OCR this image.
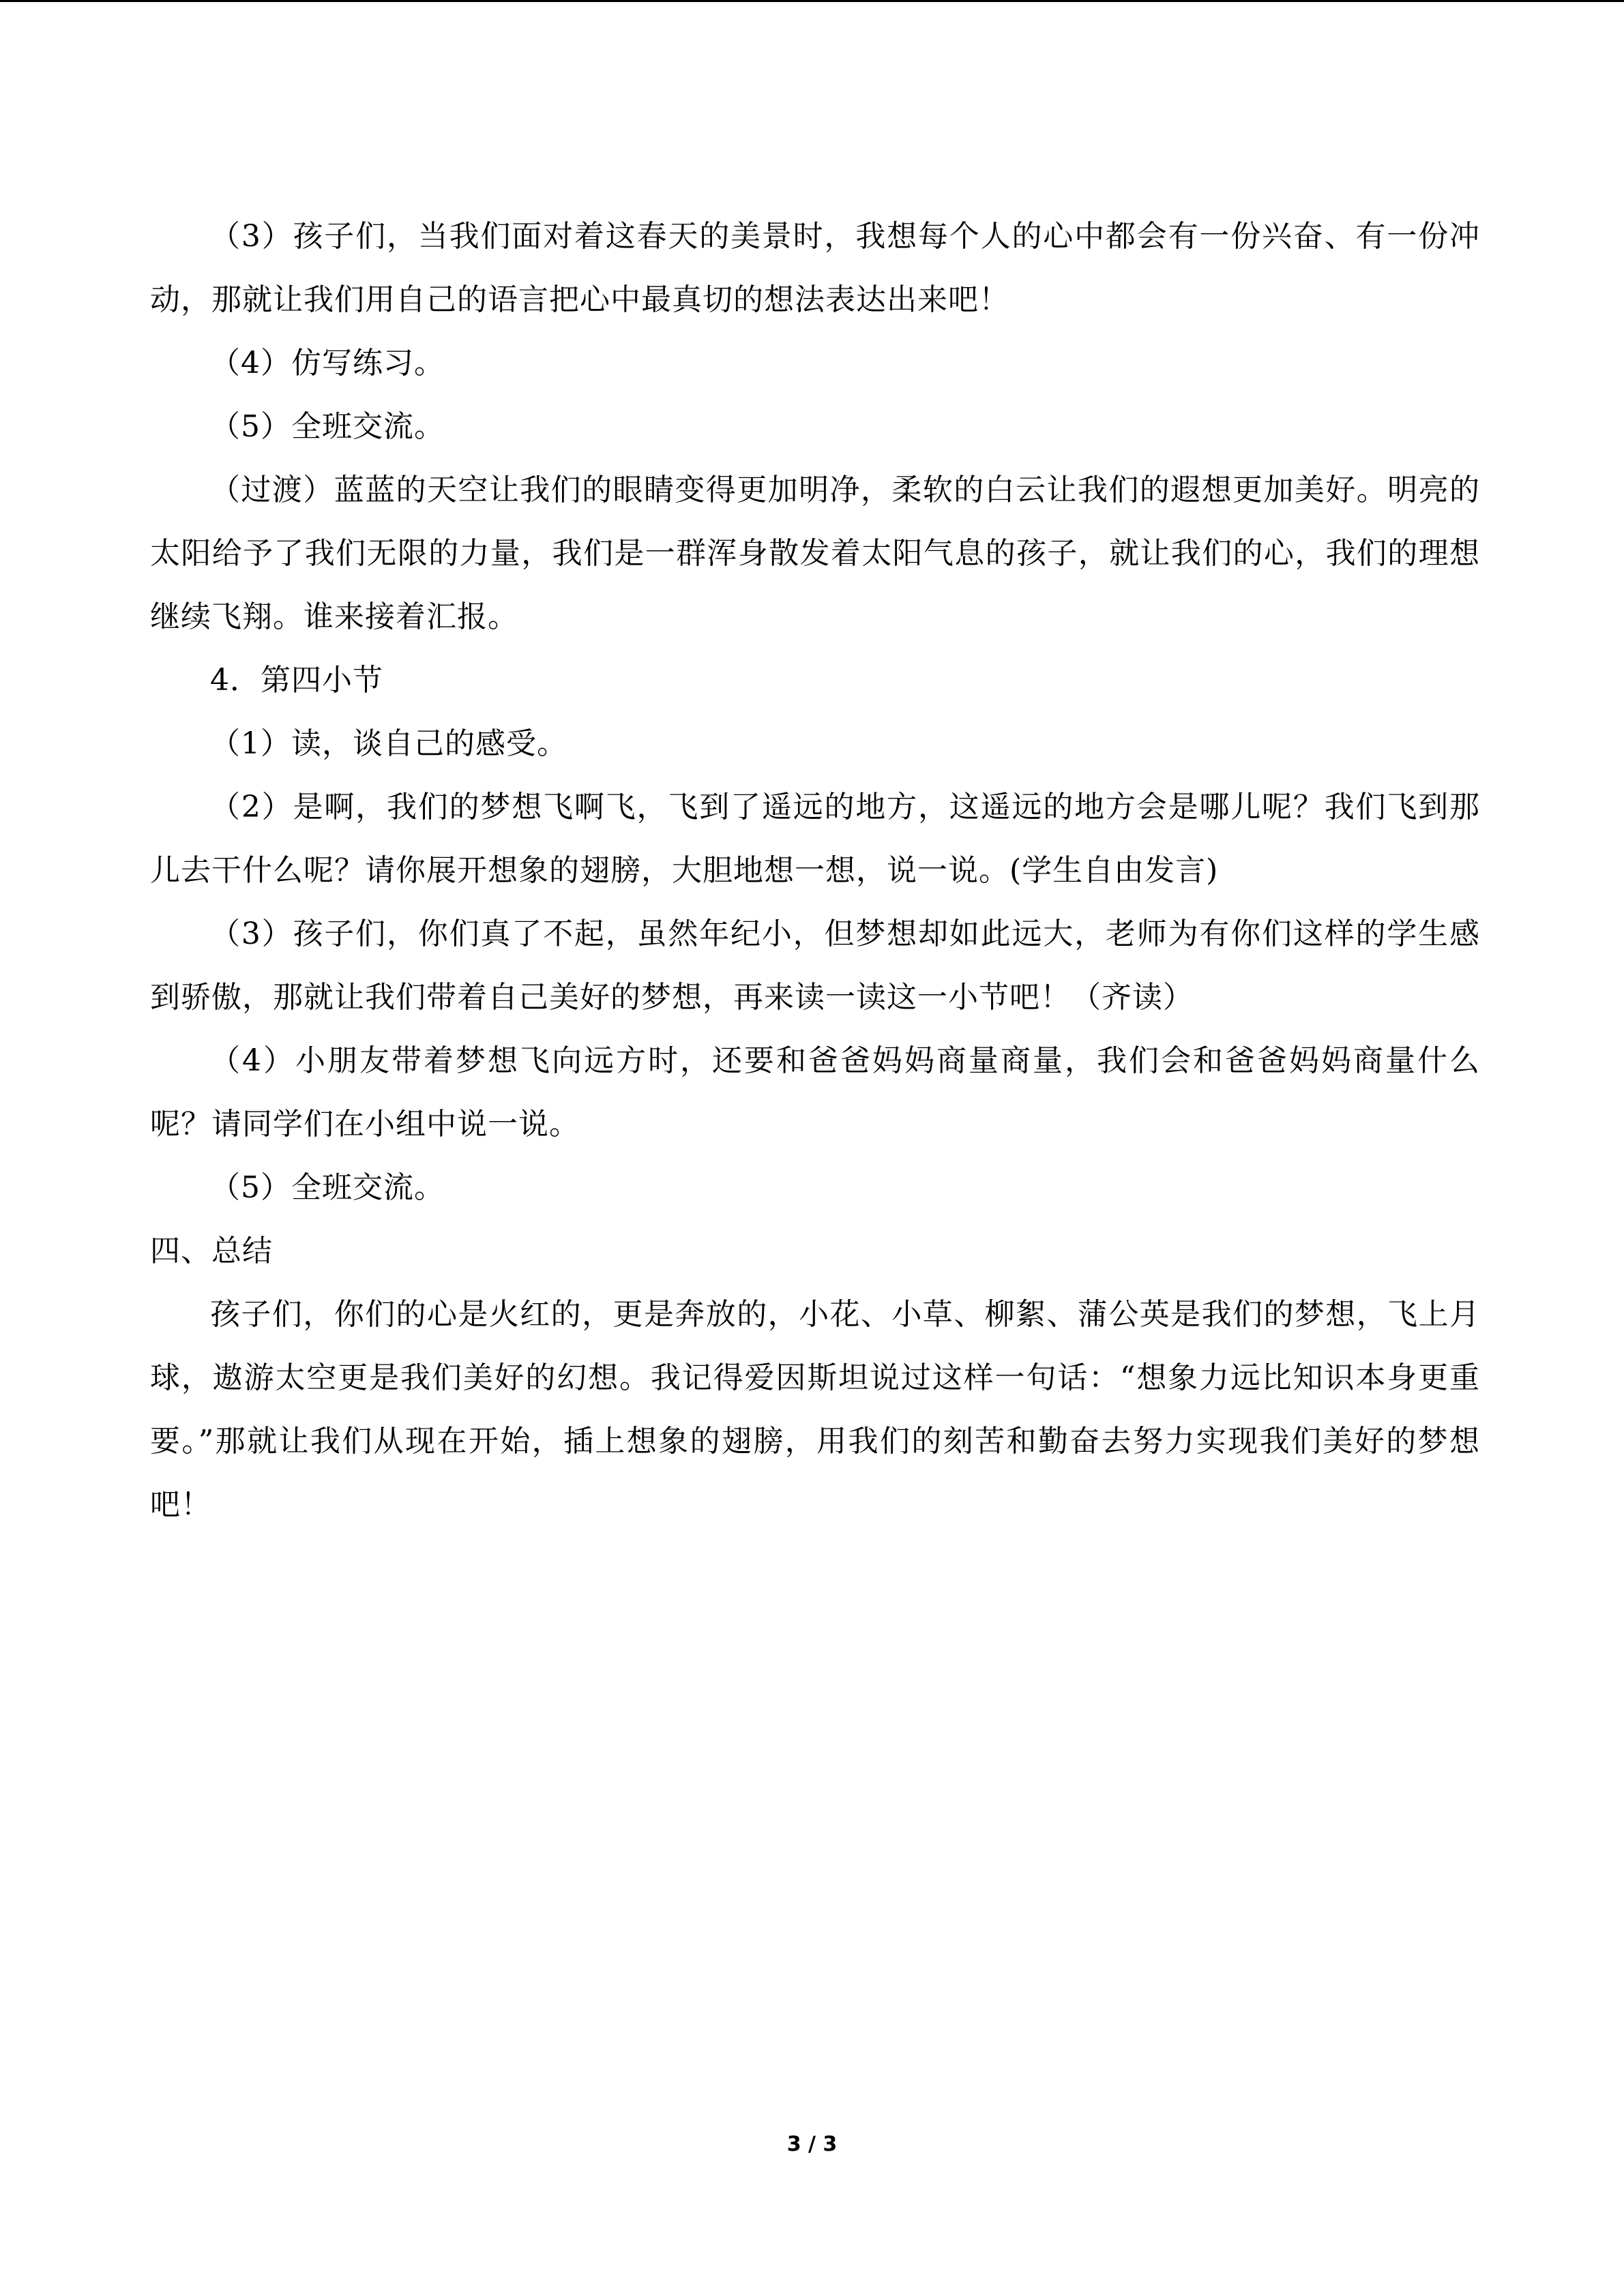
（3）孩子们，当我们面对着这春天的美景时，我想每个人的心中都会有一份兴奋、有一份冲动，那就让我们用自己的语言把心中最真切的想法表达出来吧！

（4）仿写练习。

（5）全班交流。

（过渡）蓝蓝的天空让我们的眼睛变得更加明净，柔软的白云让我们的遐想更加美好。明亮的太阳给予了我们无限的力量，我们是一群浑身散发着太阳气息的孩子，就让我们的心，我们的理想继续飞翔。谁来接着汇报。

4．第四小节

（1）读，谈自己的感受。

（2）是啊，我们的梦想飞啊飞，飞到了遥远的地方，这遥远的地方会是哪儿呢？我们飞到那儿去干什么呢？请你展开想象的翅膀，大胆地想一想，说一说。(学生自由发言)

（3）孩子们，你们真了不起，虽然年纪小，但梦想却如此远大，老师为有你们这样的学生感到骄傲，那就让我们带着自己美好的梦想，再来读一读这一小节吧！（齐读）

（4）小朋友带着梦想飞向远方时，还要和爸爸妈妈商量商量，我们会和爸爸妈妈商量什么呢？请同学们在小组中说一说。

（5）全班交流。

四、总结

孩子们，你们的心是火红的，更是奔放的，小花、小草、柳絮、蒲公英是我们的梦想，飞上月球，遨游太空更是我们美好的幻想。我记得爱因斯坦说过这样一句话：“想象力远比知识本身更重要。”那就让我们从现在开始，插上想象的翅膀，用我们的刻苦和勤奋去努力实现我们美好的梦想吧！

3 / 3
